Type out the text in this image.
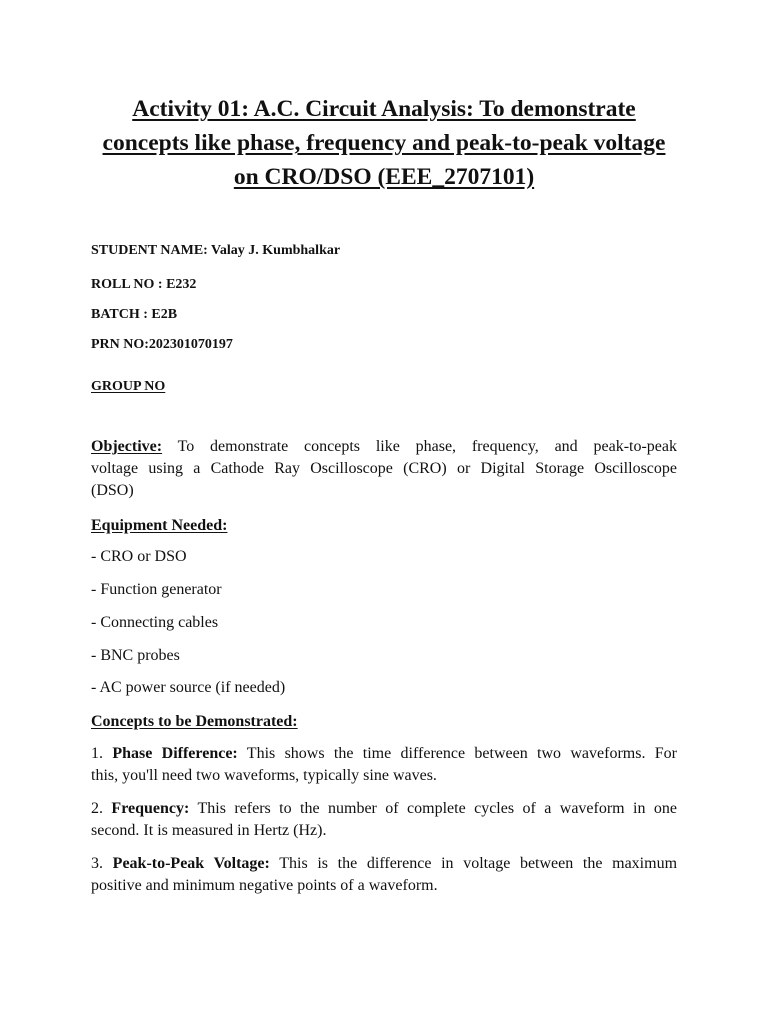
Activity 01: A.C. Circuit Analysis: To demonstrate
concepts like phase, frequency and peak-to-peak voltage
on CRO/DSO (EEE_2707101)

STUDENT NAME: Valay J. Kumbhalkar

ROLL NO : E232

BATCH : E2B

PRN NO:202301070197

GROUP NO

Objective: To demonstrate concepts like phase, frequency, and peak-to-peak
voltage using a Cathode Ray Oscilloscope (CRO) or Digital Storage Oscilloscope
(DSO)

Equipment Needed:

- CRO or DSO

- Function generator

- Connecting cables

- BNC probes

- AC power source (if needed)

Concepts to be Demonstrated:

1. Phase Difference: This shows the time difference between two waveforms. For
this, you'll need two waveforms, typically sine waves.
2. Frequency: This refers to the number of complete cycles of a waveform in one
second. It is measured in Hertz (Hz).
3. Peak-to-Peak Voltage: This is the difference in voltage between the maximum
positive and minimum negative points of a waveform.
